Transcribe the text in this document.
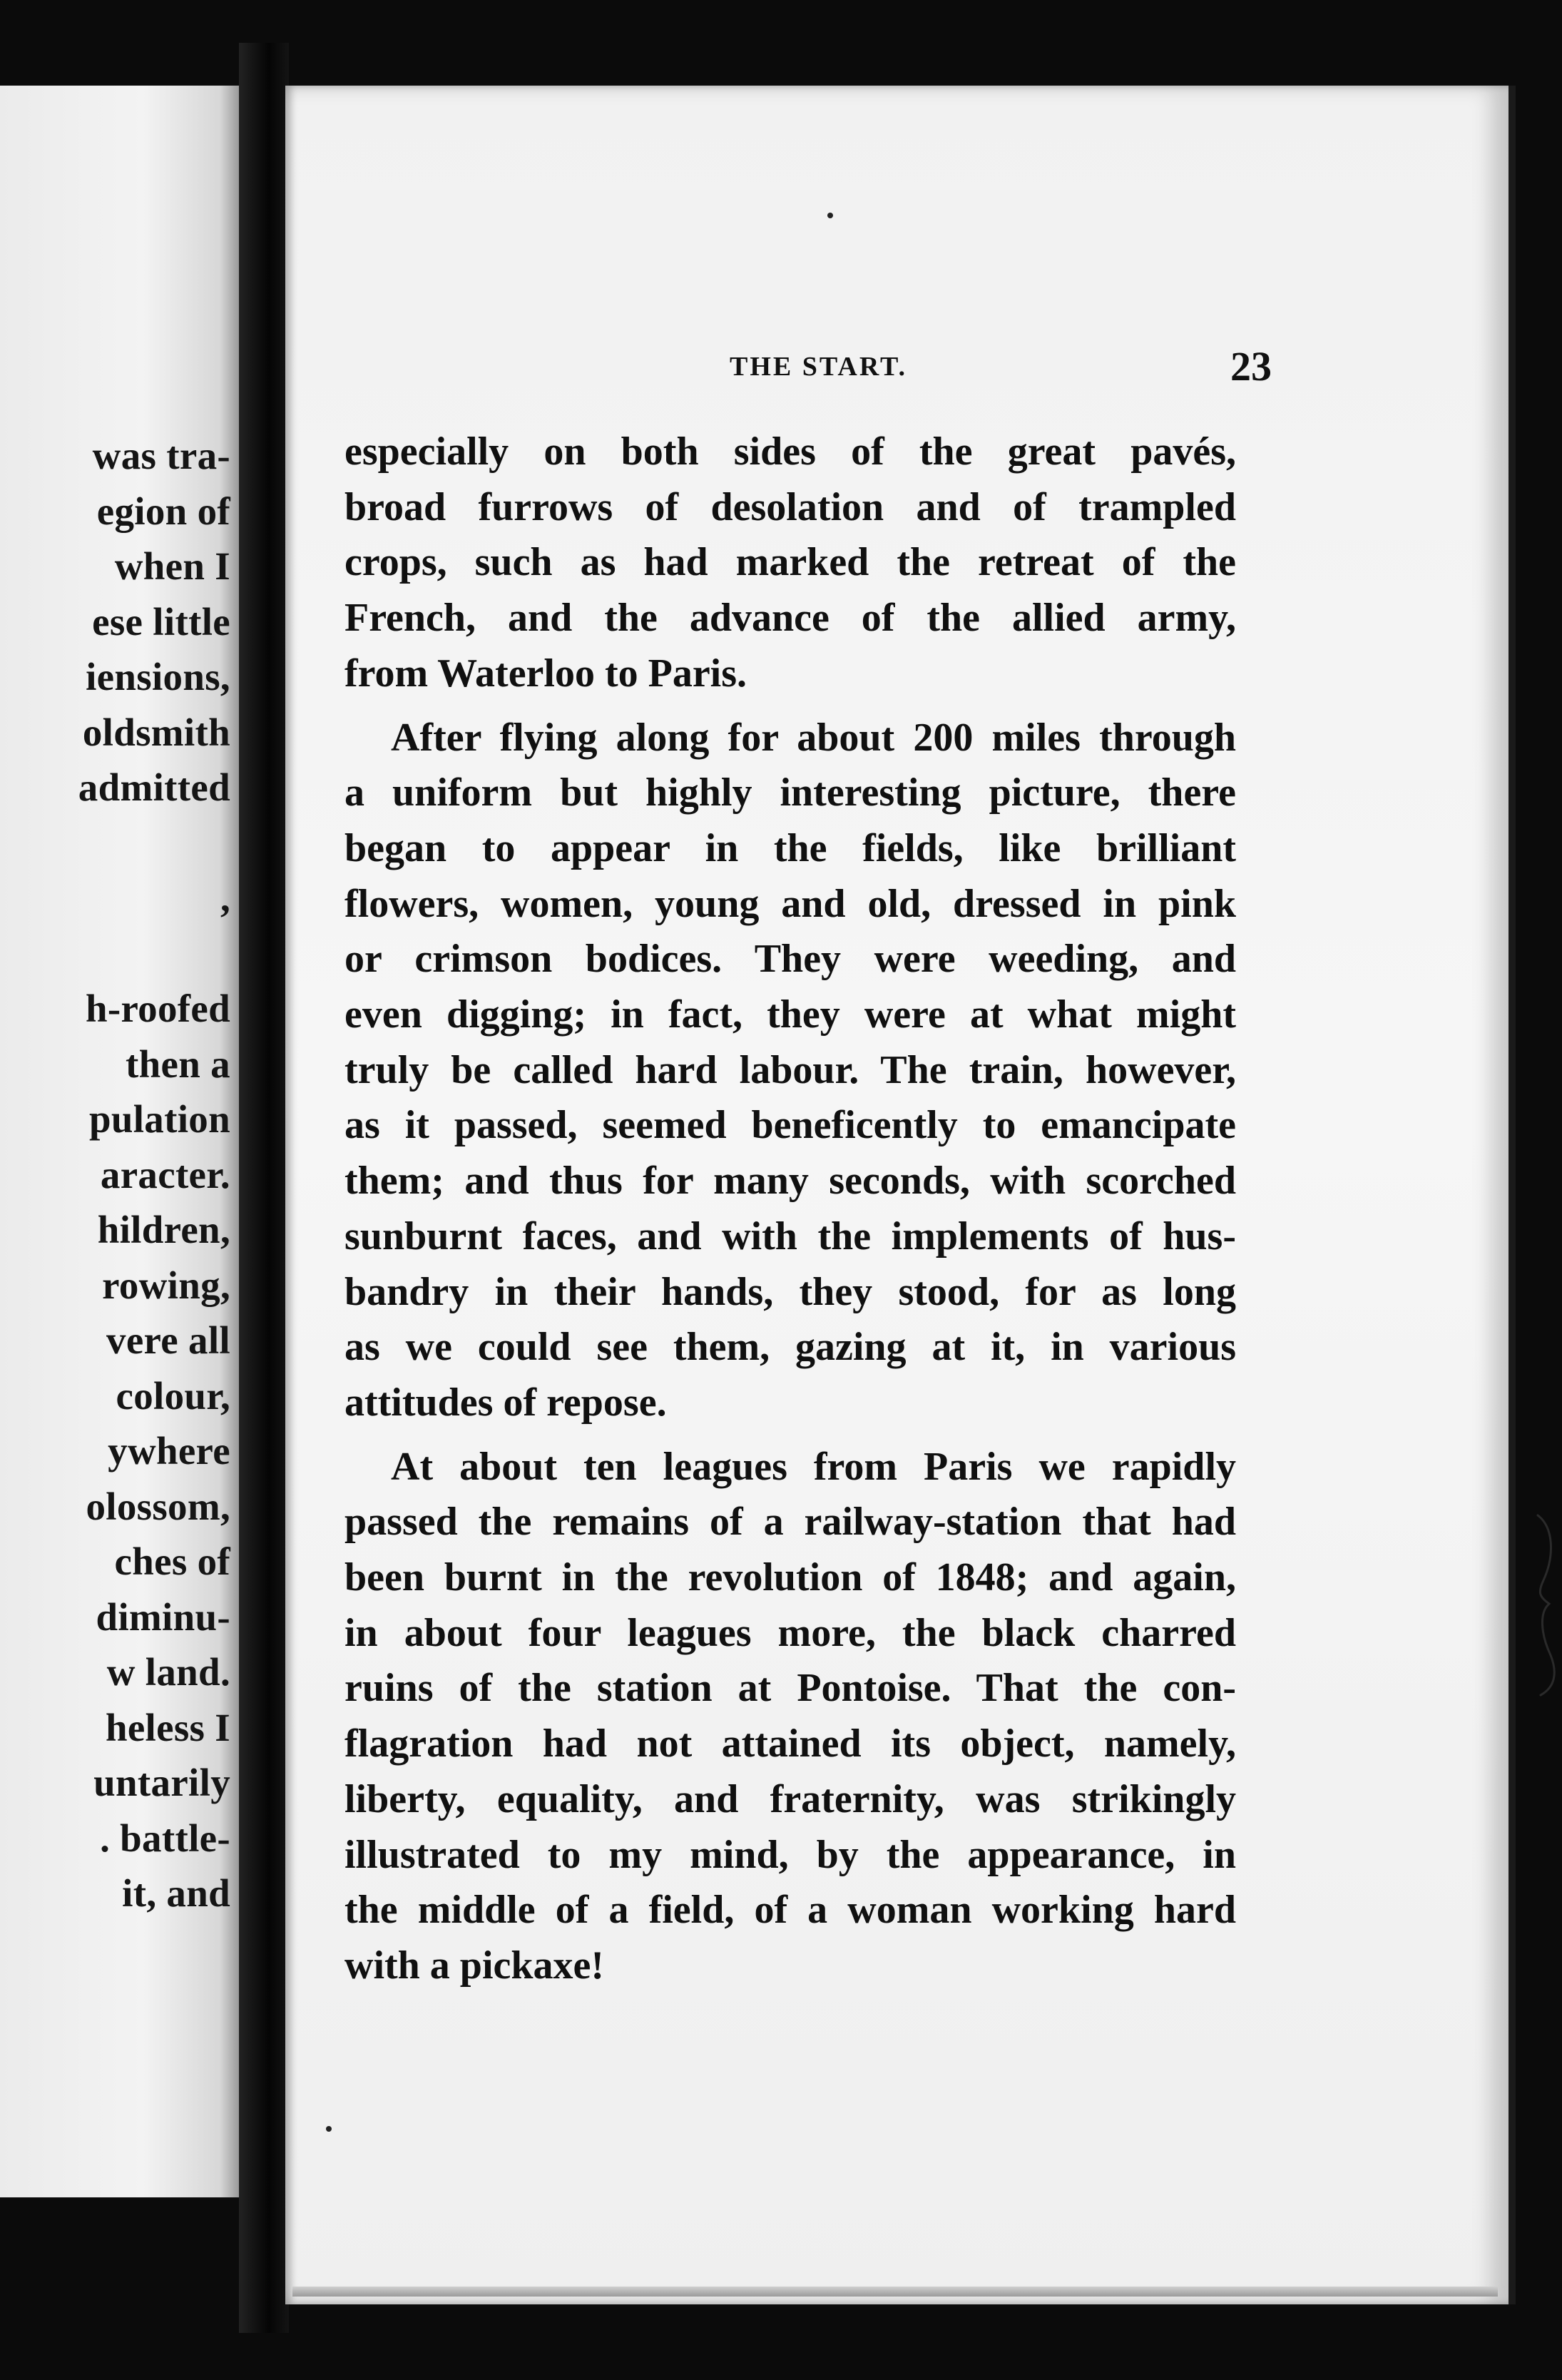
was tra-
egion of
when I
ese little
iensions,
oldsmith
admitted

,

h-roofed
then a
pulation
aracter.
hildren,
rowing,
vere all
colour,
ywhere
olossom,
ches of
diminu-
w land.
heless I
untarily
. battle-
it, and
THE START.	23
especially on both sides of the great pavés,
broad furrows of desolation and of trampled
crops, such as had marked the retreat of the
French, and the advance of the allied army,
from Waterloo to Paris.
After flying along for about 200 miles through
a uniform but highly interesting picture, there
began to appear in the fields, like brilliant
flowers, women, young and old, dressed in pink
or crimson bodices. They were weeding, and
even digging; in fact, they were at what might
truly be called hard labour. The train, however,
as it passed, seemed beneficently to emancipate
them; and thus for many seconds, with scorched
sunburnt faces, and with the implements of hus-
bandry in their hands, they stood, for as long
as we could see them, gazing at it, in various
attitudes of repose.
At about ten leagues from Paris we rapidly
passed the remains of a railway-station that had
been burnt in the revolution of 1848; and again,
in about four leagues more, the black charred
ruins of the station at Pontoise. That the con-
flagration had not attained its object, namely,
liberty, equality, and fraternity, was strikingly
illustrated to my mind, by the appearance, in
the middle of a field, of a woman working hard
with a pickaxe!
